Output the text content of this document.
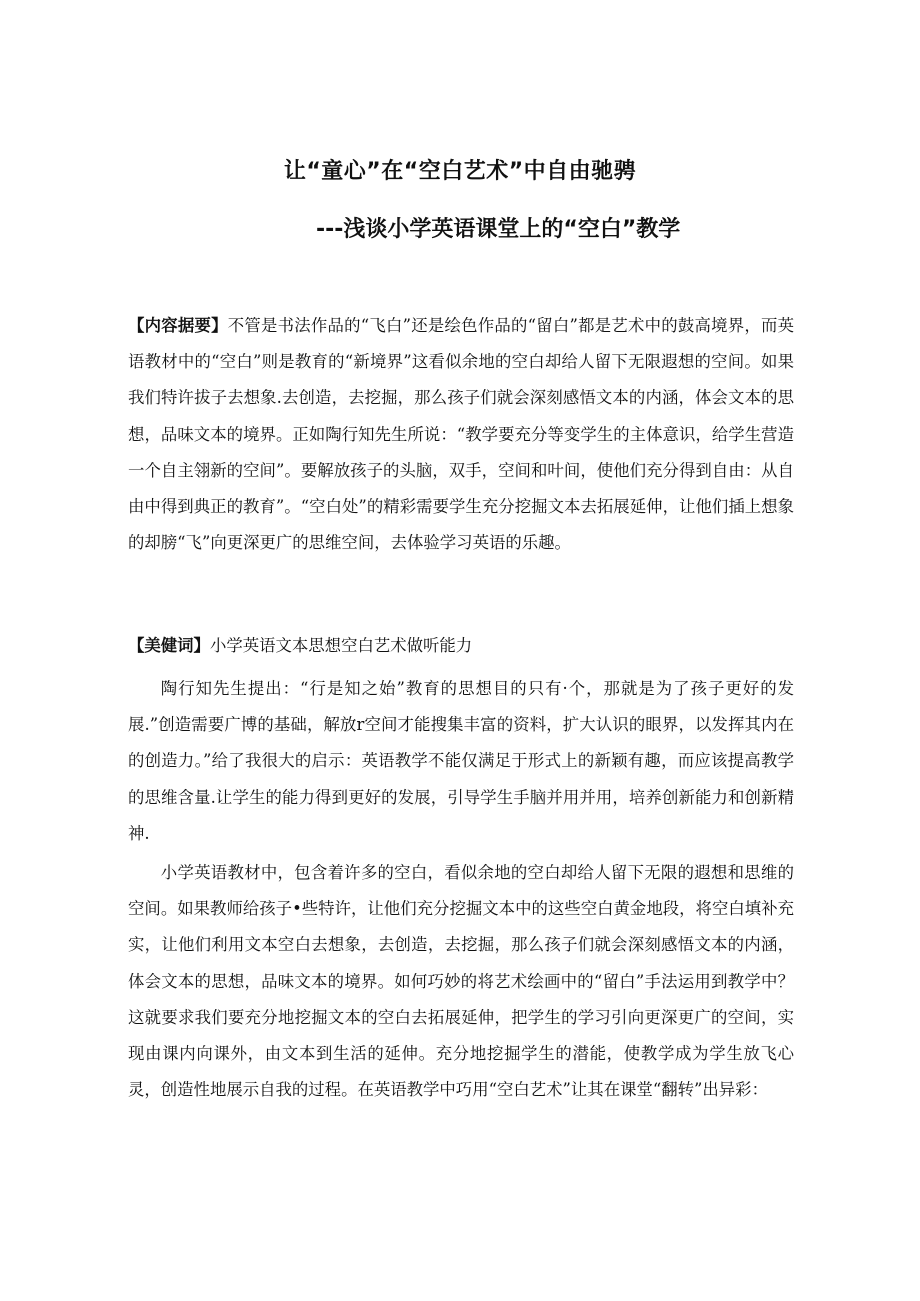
让“童心”在“空白艺术”中自由驰骋
---浅谈小学英语课堂上的“空白”教学

【内容据要】不管是书法作品的“飞白”还是绘色作品的“留白”都是艺术中的鼓高境界，而英语教材中的“空白”则是教育的“新境界”这看似余地的空白却给人留下无限遐想的空间。如果我们特许拔子去想象.去创造，去挖掘，那么孩子们就会深刻感悟文本的内涵，体会文本的思想，品味文本的境界。正如陶行知先生所说：“教学要充分等变学生的主体意识，给学生营造一个自主翎新的空间”。要解放孩子的头脑，双手，空间和叶间，使他们充分得到自由：从自由中得到典正的教育”。“空白处”的精彩需要学生充分挖掘文本去拓展延伸，让他们插上想象的却膀“飞”向更深更广的思维空间，去体验学习英语的乐趣。

【美健词】小学英语文本思想空白艺术做听能力

陶行知先生提出：“行是知之始”教育的思想目的只有·个，那就是为了孩子更好的发展.”创造需要广博的基础，解放r空间才能搜集丰富的资料，扩大认识的眼界，以发挥其内在的创造力。”给了我很大的启示：英语教学不能仅满足于形式上的新颖有趣，而应该提高教学的思维含量.让学生的能力得到更好的发展，引导学生手脑并用并用，培养创新能力和创新精神.

小学英语教材中，包含着许多的空白，看似余地的空白却给人留下无限的遐想和思维的空间。如果教师给孩子•些特许，让他们充分挖掘文本中的这些空白黄金地段，将空白填补充实，让他们利用文本空白去想象，去创造，去挖掘，那么孩子们就会深刻感悟文本的内涵，体会文本的思想，品味文本的境界。如何巧妙的将艺术绘画中的“留白”手法运用到教学中？这就要求我们要充分地挖掘文本的空白去拓展延伸，把学生的学习引向更深更广的空间，实现由课内向课外，由文本到生活的延伸。充分地挖掘学生的潜能，使教学成为学生放飞心灵，创造性地展示自我的过程。在英语教学中巧用“空白艺术”让其在课堂“翻转”出异彩：
